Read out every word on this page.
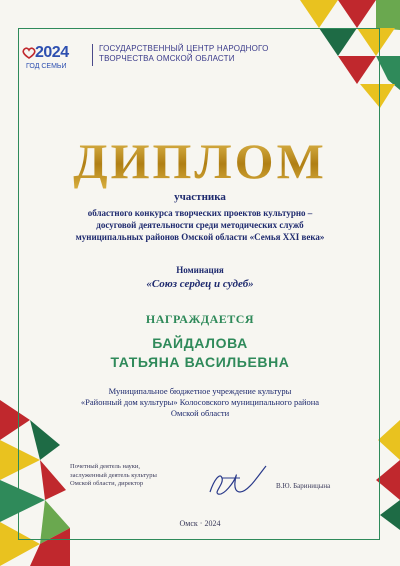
2024
ГОД СЕМЬИ
ГОСУДАРСТВЕННЫЙ ЦЕНТР НАРОДНОГО
ТВОРЧЕСТВА ОМСКОЙ ОБЛАСТИ
ДИПЛОМ
участника
областного конкурса творческих проектов культурно –
досуговой деятельности среди методических служб
муниципальных районов Омской области «Семья XXI века»
Номинация
«Союз сердец и судеб»
НАГРАЖДАЕТСЯ
БАЙДАЛОВА
ТАТЬЯНА ВАСИЛЬЕВНА
Муниципальное бюджетное учреждение культуры
«Районный дом культуры» Колосовского муниципального района
Омской области
Почетный деятель науки,
заслуженный деятель культуры
Омской области, директор	В.Ю. Бариницына
Омск · 2024
